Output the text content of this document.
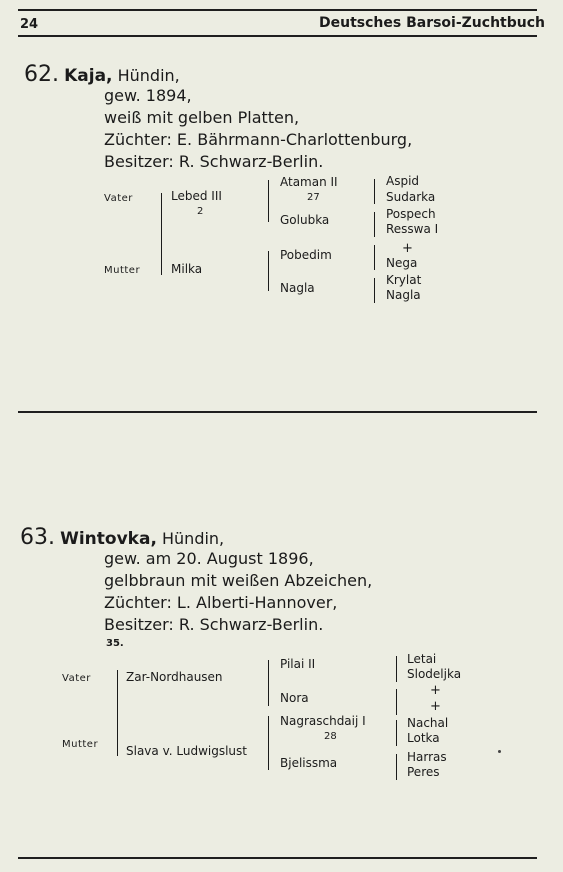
24	Deutsches Barsoi-Zuchtbuch
62. Kaja, Hündin,
gew. 1894,
weiß mit gelben Platten,
Züchter: E. Bährmann-Charlottenburg,
Besitzer: R. Schwarz-Berlin.
Vater
Mutter
Lebed III
2
Milka
Ataman II
27
Golubka
Pobedim
Nagla
Aspid
Sudarka
Pospech
Resswa I
+
Nega
Krylat
Nagla
63. Wintovka, Hündin,
gew. am 20. August 1896,
gelbbraun mit weißen Abzeichen,
Züchter: L. Alberti-Hannover,
Besitzer: R. Schwarz-Berlin.
35.
Vater
Mutter
Zar-Nordhausen
Slava v. Ludwigslust
Pilai II
Nora
Nagraschdaij I
28
Bjelissma
Letai
Slodeljka
+
+
Nachal
Lotka
Harras
Peres
